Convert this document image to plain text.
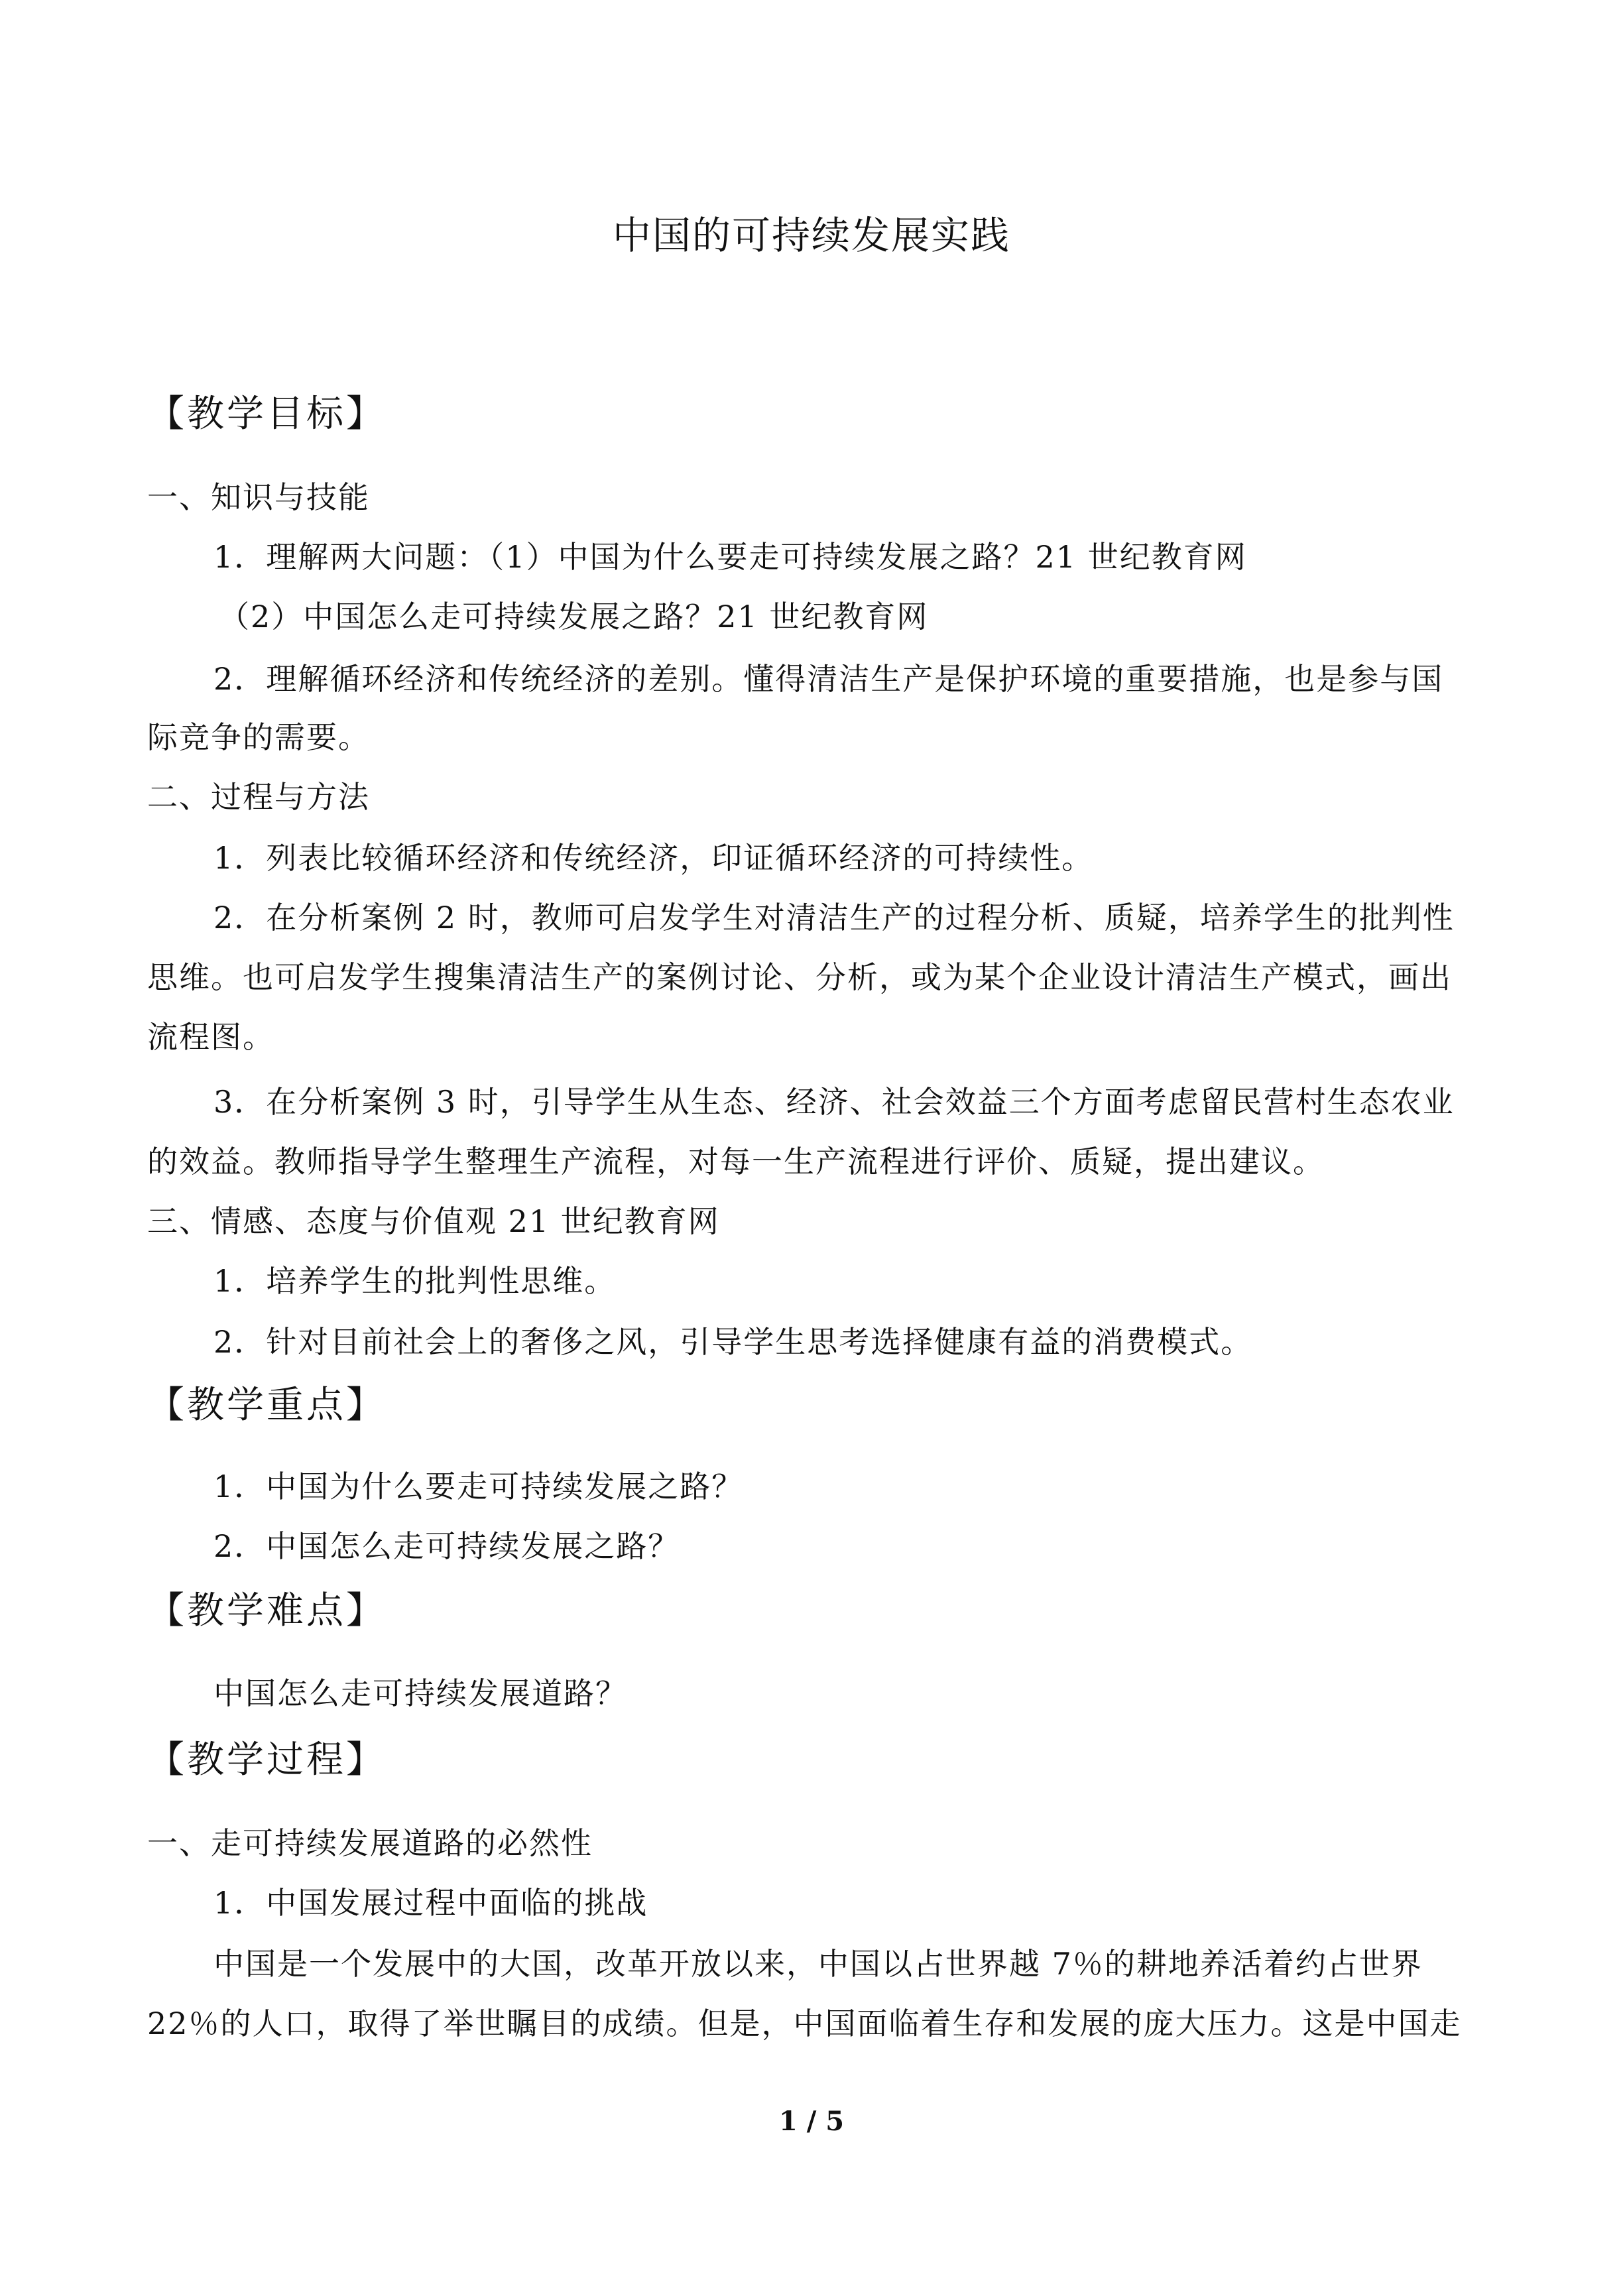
中国的可持续发展实践
【教学目标】
一、知识与技能
1．理解两大问题：（1）中国为什么要走可持续发展之路？21 世纪教育网
（2）中国怎么走可持续发展之路？21 世纪教育网
2．理解循环经济和传统经济的差别。懂得清洁生产是保护环境的重要措施，也是参与国
际竞争的需要。
二、过程与方法
1．列表比较循环经济和传统经济，印证循环经济的可持续性。
2．在分析案例 2 时，教师可启发学生对清洁生产的过程分析、质疑，培养学生的批判性
思维。也可启发学生搜集清洁生产的案例讨论、分析，或为某个企业设计清洁生产模式，画出
流程图。
3．在分析案例 3 时，引导学生从生态、经济、社会效益三个方面考虑留民营村生态农业
的效益。教师指导学生整理生产流程，对每一生产流程进行评价、质疑，提出建议。
三、情感、态度与价值观 21 世纪教育网
1．培养学生的批判性思维。
2．针对目前社会上的奢侈之风，引导学生思考选择健康有益的消费模式。
【教学重点】
1．中国为什么要走可持续发展之路？
2．中国怎么走可持续发展之路？
【教学难点】
中国怎么走可持续发展道路？
【教学过程】
一、走可持续发展道路的必然性
1．中国发展过程中面临的挑战
中国是一个发展中的大国，改革开放以来，中国以占世界越 7％的耕地养活着约占世界
22％的人口，取得了举世瞩目的成绩。但是，中国面临着生存和发展的庞大压力。这是中国走
1 / 5
